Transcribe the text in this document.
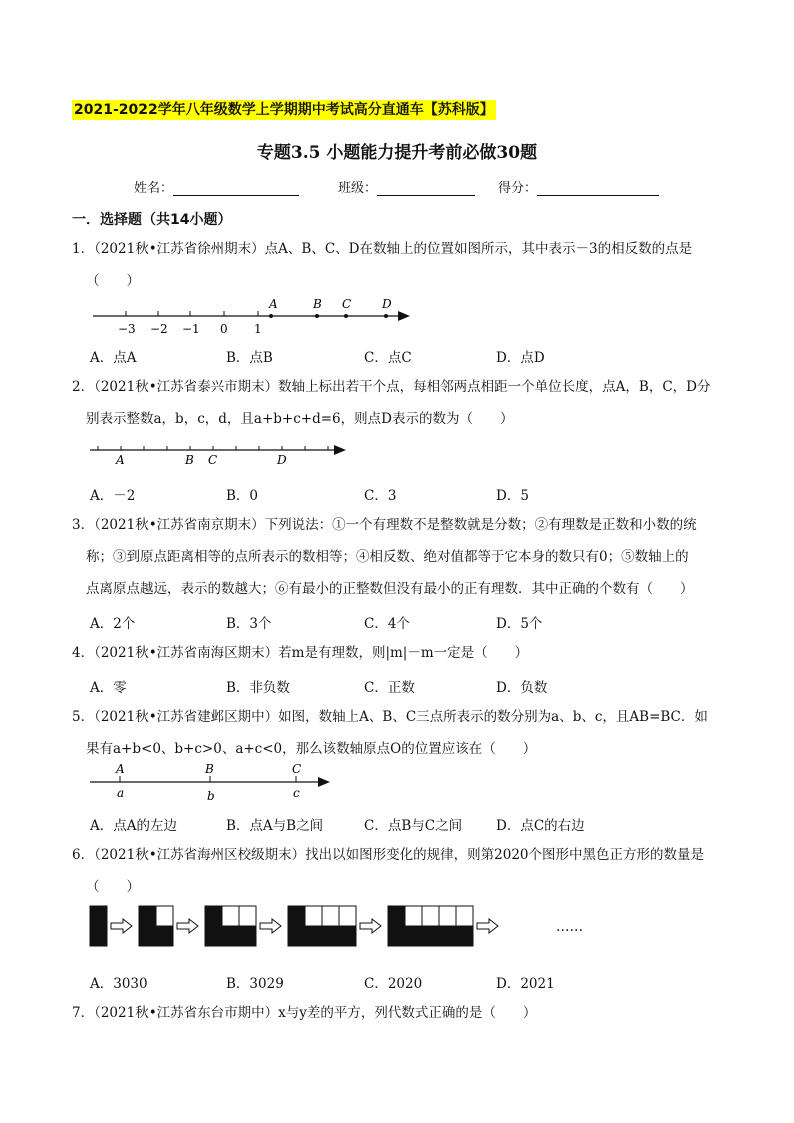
2021-2022学年八年级数学上学期期中考试高分直通车【苏科版】
专题3.5 小题能力提升考前必做30题
姓名：	班级：	得分：
一．选择题（共14小题）
1．（2021秋•江苏省徐州期末）点A、B、C、D在数轴上的位置如图所示，其中表示－3的相反数的点是
（　　）
−3 −2 −1 0 1
A	B C	D
A．点A	B．点B	C．点C	D．点D
2．（2021秋•江苏省泰兴市期末）数轴上标出若干个点，每相邻两点相距一个单位长度，点A，B，C，D分
别表示整数a，b，c，d，且a+b+c+d=6，则点D表示的数为（　　）
A	B C	D
A．－2	B．0	C．3	D．5
3．（2021秋•江苏省南京期末）下列说法：①一个有理数不是整数就是分数；②有理数是正数和小数的统
称；③到原点距离相等的点所表示的数相等；④相反数、绝对值都等于它本身的数只有0；⑤数轴上的
点离原点越远，表示的数越大；⑥有最小的正整数但没有最小的正有理数．其中正确的个数有（　　）
A．2个	B．3个	C．4个	D．5个
4．（2021秋•江苏省南海区期末）若m是有理数，则|m|－m一定是（　　）
A．零	B．非负数	C．正数	D．负数
5．（2021秋•江苏省建邺区期中）如图，数轴上A、B、C三点所表示的数分别为a、b、c，且AB=BC．如
果有a+b<0、b+c>0、a+c<0，那么该数轴原点O的位置应该在（　　）
A	B	C
a	b	c
A．点A的左边	B．点A与B之间	C．点B与C之间	D．点C的右边
6．（2021秋•江苏省海州区校级期末）找出以如图形变化的规律，则第2020个图形中黑色正方形的数量是
（　　）
……
A．3030	B．3029	C．2020	D．2021
7．（2021秋•江苏省东台市期中）x与y差的平方，列代数式正确的是（　　）
